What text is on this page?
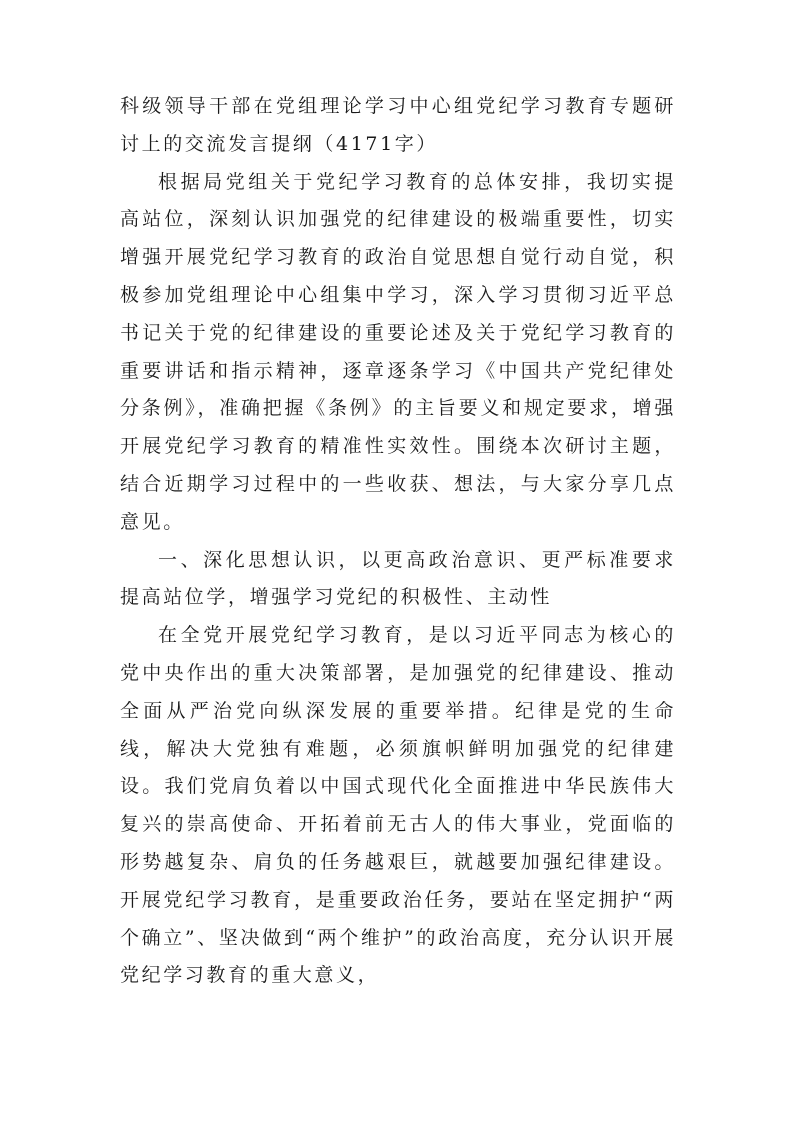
科级领导干部在党组理论学习中心组党纪学习教育专题研讨上的交流发言提纲（4171字）

根据局党组关于党纪学习教育的总体安排，我切实提高站位，深刻认识加强党的纪律建设的极端重要性，切实增强开展党纪学习教育的政治自觉思想自觉行动自觉，积极参加党组理论中心组集中学习，深入学习贯彻习近平总书记关于党的纪律建设的重要论述及关于党纪学习教育的重要讲话和指示精神，逐章逐条学习《中国共产党纪律处分条例》，准确把握《条例》的主旨要义和规定要求，增强开展党纪学习教育的精准性实效性。围绕本次研讨主题，结合近期学习过程中的一些收获、想法，与大家分享几点意见。

一、深化思想认识，以更高政治意识、更严标准要求提高站位学，增强学习党纪的积极性、主动性

在全党开展党纪学习教育，是以习近平同志为核心的党中央作出的重大决策部署，是加强党的纪律建设、推动全面从严治党向纵深发展的重要举措。纪律是党的生命线，解决大党独有难题，必须旗帜鲜明加强党的纪律建设。我们党肩负着以中国式现代化全面推进中华民族伟大复兴的崇高使命、开拓着前无古人的伟大事业，党面临的形势越复杂、肩负的任务越艰巨，就越要加强纪律建设。开展党纪学习教育，是重要政治任务，要站在坚定拥护“两个确立”、坚决做到“两个维护”的政治高度，充分认识开展党纪学习教育的重大意义，
